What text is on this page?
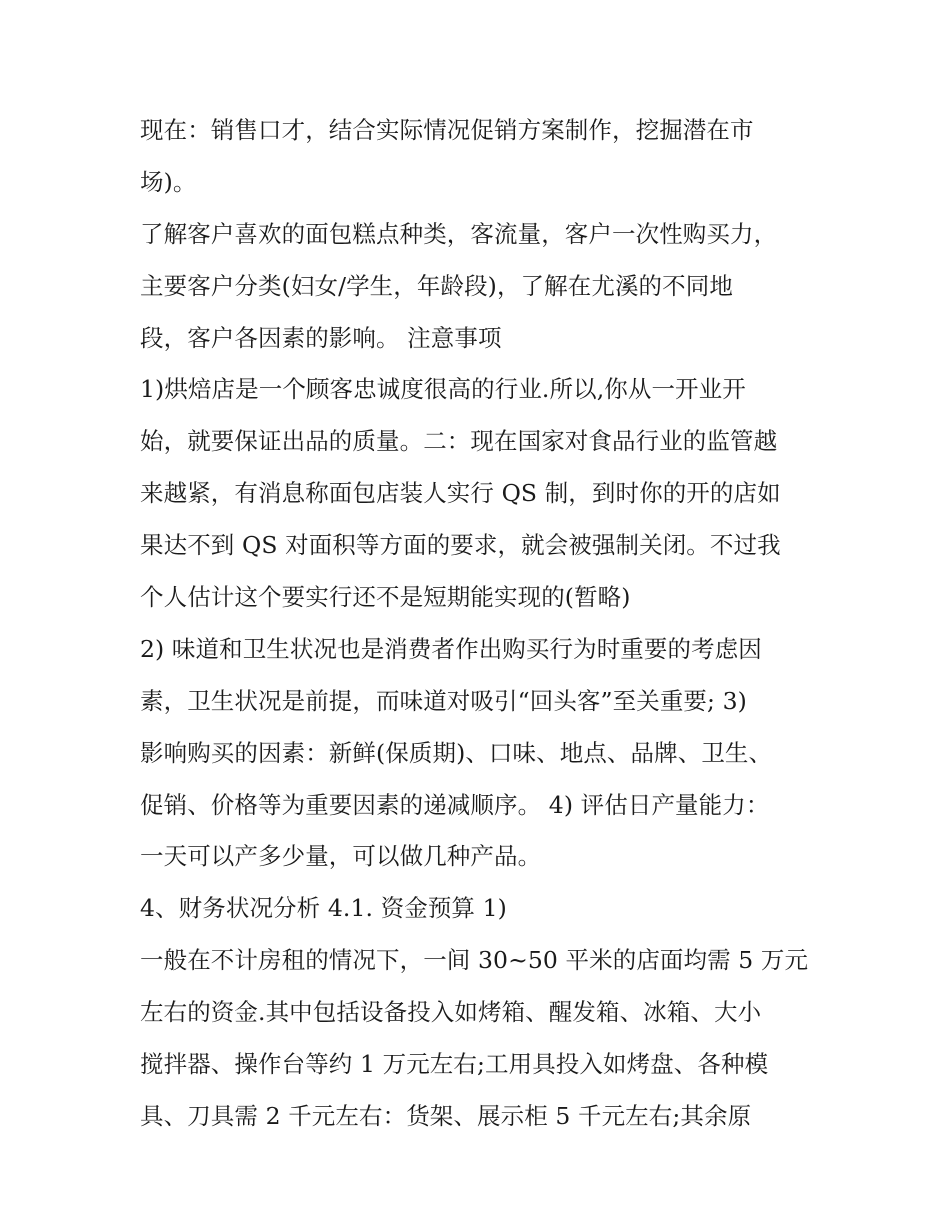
现在：销售口才，结合实际情况促销方案制作，挖掘潜在市
场)。
了解客户喜欢的面包糕点种类，客流量，客户一次性购买力，
主要客户分类(妇女/学生，年龄段)，了解在尤溪的不同地
段，客户各因素的影响。 注意事项
1)烘焙店是一个顾客忠诚度很高的行业.所以,你从一开业开
始，就要保证出品的质量。二：现在国家对食品行业的监管越
来越紧，有消息称面包店装人实行 QS 制，到时你的开的店如
果达不到 QS 对面积等方面的要求，就会被强制关闭。不过我
个人估计这个要实行还不是短期能实现的(暂略)
2) 味道和卫生状况也是消费者作出购买行为时重要的考虑因
素，卫生状况是前提，而味道对吸引“回头客”至关重要; 3)
影响购买的因素：新鲜(保质期)、口味、地点、品牌、卫生、
促销、价格等为重要因素的递减顺序。 4) 评估日产量能力：
一天可以产多少量，可以做几种产品。
4、财务状况分析 4.1. 资金预算 1)
一般在不计房租的情况下，一间 30~50 平米的店面均需 5 万元
左右的资金.其中包括设备投入如烤箱、醒发箱、冰箱、大小
搅拌器、操作台等约 1 万元左右;工用具投入如烤盘、各种模
具、刀具需 2 千元左右：货架、展示柜 5 千元左右;其余原
